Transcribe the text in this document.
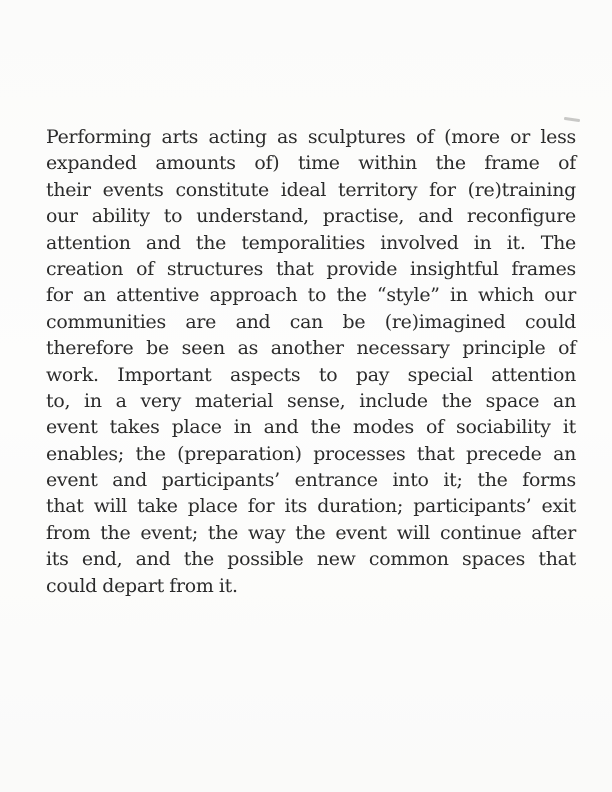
Performing arts acting as sculptures of (more or less
expanded amounts of) time within the frame of
their events constitute ideal territory for (re)training
our ability to understand, practise, and reconfigure
attention and the temporalities involved in it. The
creation of structures that provide insightful frames
for an attentive approach to the “style” in which our
communities are and can be (re)imagined could
therefore be seen as another necessary principle of
work. Important aspects to pay special attention
to, in a very material sense, include the space an
event takes place in and the modes of sociability it
enables; the (preparation) processes that precede an
event and participants’ entrance into it; the forms
that will take place for its duration; participants’ exit
from the event; the way the event will continue after
its end, and the possible new common spaces that
could depart from it.
